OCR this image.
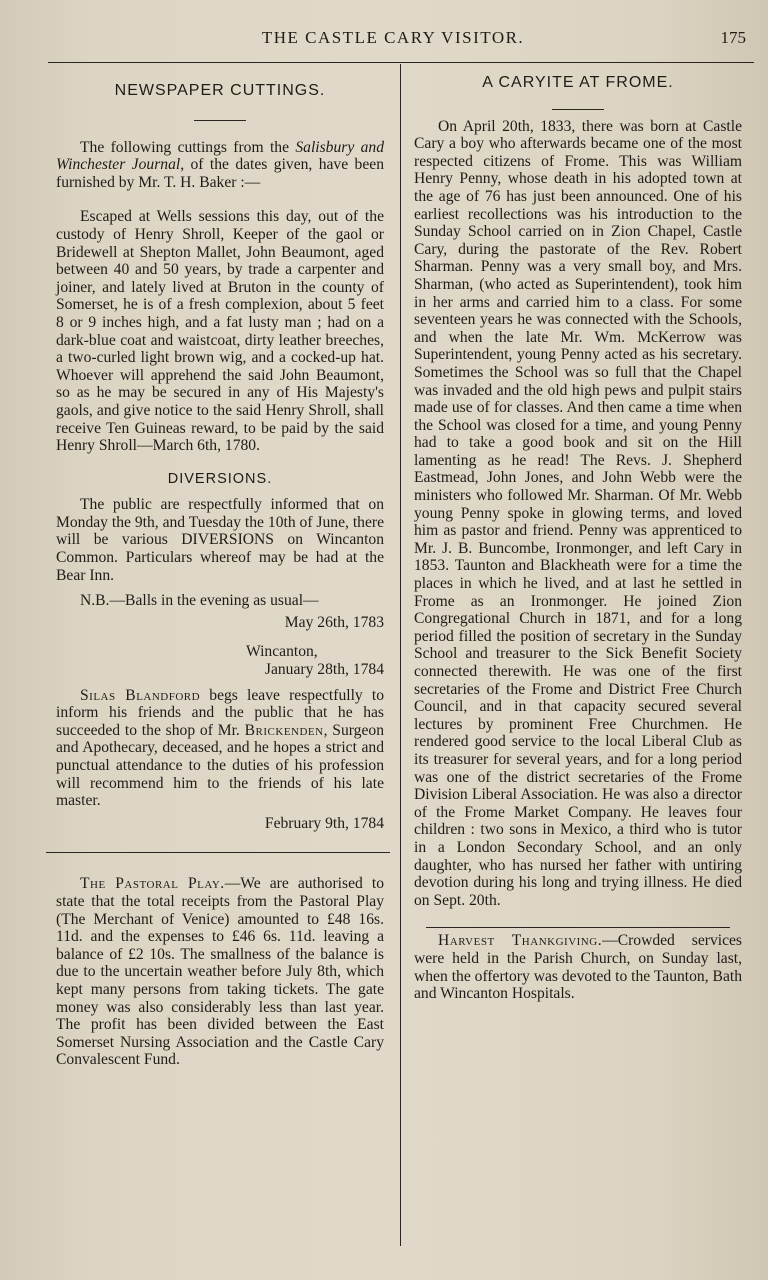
THE CASTLE CARY VISITOR.	175
NEWSPAPER CUTTINGS.

The following cuttings from the Salisbury and Winchester Journal, of the dates given, have been furnished by Mr. T. H. Baker :—

Escaped at Wells sessions this day, out of the custody of Henry Shroll, Keeper of the gaol or Bridewell at Shepton Mallet, John Beaumont, aged between 40 and 50 years, by trade a carpenter and joiner, and lately lived at Bruton in the county of Somerset, he is of a fresh complexion, about 5 feet 8 or 9 inches high, and a fat lusty man ; had on a dark-blue coat and waistcoat, dirty leather breeches, a two-curled light brown wig, and a cocked-up hat. Whoever will apprehend the said John Beaumont, so as he may be secured in any of His Majesty's gaols, and give notice to the said Henry Shroll, shall receive Ten Guineas reward, to be paid by the said Henry Shroll—March 6th, 1780.

DIVERSIONS.

The public are respectfully informed that on Monday the 9th, and Tuesday the 10th of June, there will be various DIVERSIONS on Wincanton Common. Particulars whereof may be had at the Bear Inn.

N.B.—Balls in the evening as usual—

May 26th, 1783

Wincanton,

January 28th, 1784

Silas Blandford begs leave respectfully to inform his friends and the public that he has succeeded to the shop of Mr. Brickenden, Surgeon and Apothecary, deceased, and he hopes a strict and punctual attendance to the duties of his profession will recommend him to the friends of his late master.

February 9th, 1784

The Pastoral Play.—We are authorised to state that the total receipts from the Pastoral Play (The Merchant of Venice) amounted to £48 16s. 11d. and the expenses to £46 6s. 11d. leaving a balance of £2 10s. The smallness of the balance is due to the uncertain weather before July 8th, which kept many persons from taking tickets. The gate money was also considerably less than last year. The profit has been divided between the East Somerset Nursing Association and the Castle Cary Convalescent Fund.

A CARYITE AT FROME.

On April 20th, 1833, there was born at Castle Cary a boy who afterwards became one of the most respected citizens of Frome. This was William Henry Penny, whose death in his adopted town at the age of 76 has just been announced. One of his earliest recollections was his introduction to the Sunday School carried on in Zion Chapel, Castle Cary, during the pastorate of the Rev. Robert Sharman. Penny was a very small boy, and Mrs. Sharman, (who acted as Superintendent), took him in her arms and carried him to a class. For some seventeen years he was connected with the Schools, and when the late Mr. Wm. McKerrow was Superintendent, young Penny acted as his secretary. Sometimes the School was so full that the Chapel was invaded and the old high pews and pulpit stairs made use of for classes. And then came a time when the School was closed for a time, and young Penny had to take a good book and sit on the Hill lamenting as he read! The Revs. J. Shepherd Eastmead, John Jones, and John Webb were the ministers who followed Mr. Sharman. Of Mr. Webb young Penny spoke in glowing terms, and loved him as pastor and friend. Penny was apprenticed to Mr. J. B. Buncombe, Ironmonger, and left Cary in 1853. Taunton and Blackheath were for a time the places in which he lived, and at last he settled in Frome as an Ironmonger. He joined Zion Congregational Church in 1871, and for a long period filled the position of secretary in the Sunday School and treasurer to the Sick Benefit Society connected therewith. He was one of the first secretaries of the Frome and District Free Church Council, and in that capacity secured several lectures by prominent Free Churchmen. He rendered good service to the local Liberal Club as its treasurer for several years, and for a long period was one of the district secretaries of the Frome Division Liberal Association. He was also a director of the Frome Market Company. He leaves four children : two sons in Mexico, a third who is tutor in a London Secondary School, and an only daughter, who has nursed her father with untiring devotion during his long and trying illness. He died on Sept. 20th.

Harvest Thankgiving.—Crowded services were held in the Parish Church, on Sunday last, when the offertory was devoted to the Taunton, Bath and Wincanton Hospitals.
